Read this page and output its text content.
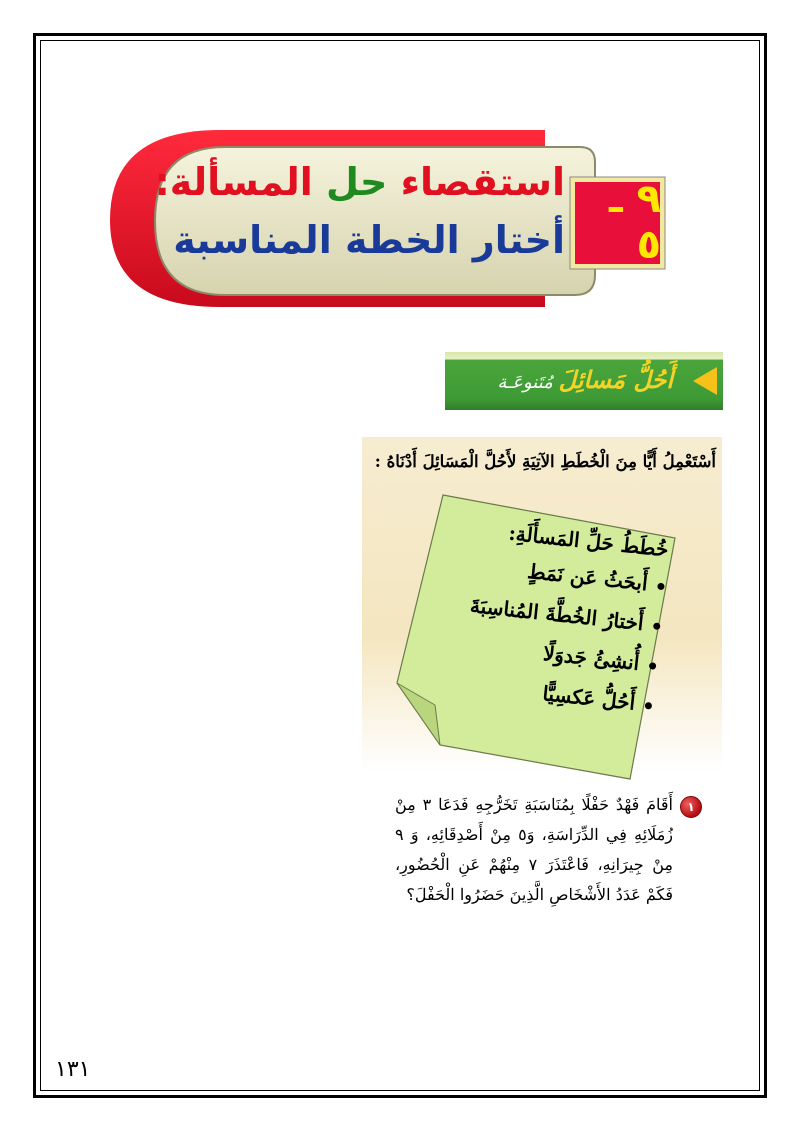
استقصاء حل المسألة:
أختار الخطة المناسبة
٩ ـ ٥
أَحُلُّ مَسائِلَ مُتَنوعَـة
أَسْتَعْمِلُ أَيًّا مِنَ الْخُطَطِ الآتِيَةِ لأَحُلَّ الْمَسَائِلَ أَدْنَاهُ :
خُطَطُ حَلِّ المَسأَلَةِ:
أَبحَثُ عَن نَمَطٍ
أَختارُ الخُطَّةَ المُناسِبَةَ
أُنشِئُ جَدوَلًا
أَحُلُّ عَكسِيًّا
١
أَقَامَ فَهْدٌ حَفْلًا بِمُنَاسَبَةِ تَخَرُّجِهِ فَدَعَا ٣ مِنْ زُمَلَائِهِ فِي الدِّرَاسَةِ، وَ٥ مِنْ أَصْدِقَائِهِ، وَ ٩ مِنْ جِيرَانِهِ، فَاعْتَذَرَ ٧ مِنْهُمْ عَنِ الْحُضُورِ، فَكَمْ عَدَدُ الأَشْخَاصِ الَّذِينَ حَضَرُوا الْحَفْلَ؟
١٣١
